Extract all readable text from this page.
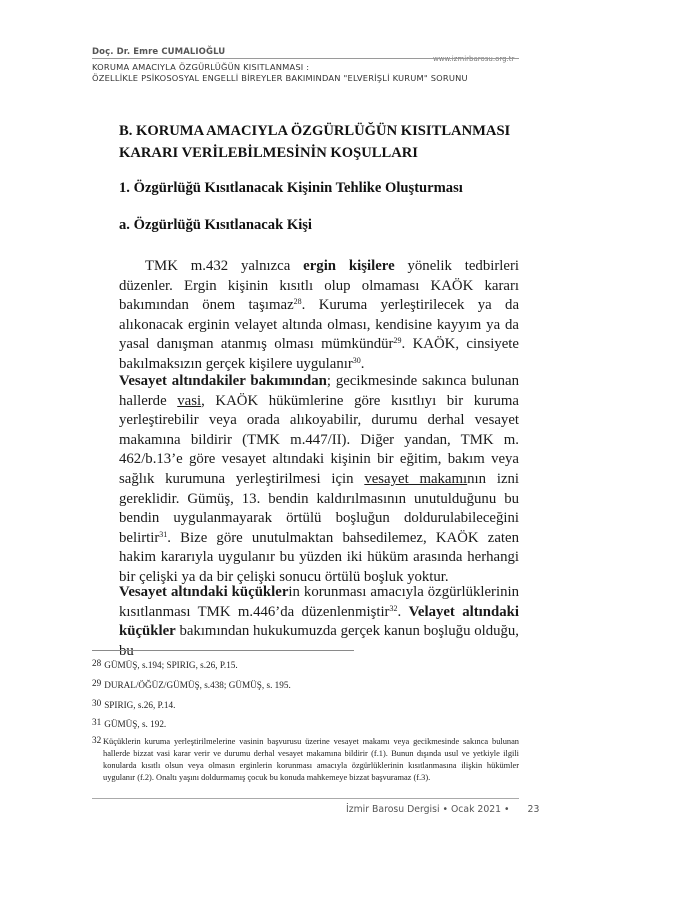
Doç. Dr. Emre CUMALIOĞLU
www.izmirbarosu.org.tr
KORUMA AMACIYLA ÖZGÜRLÜĞÜN KISITLANMASI :
ÖZELLİKLE PSİKOSOSYAL ENGELLİ BİREYLER BAKIMINDAN "ELVERİŞLİ KURUM" SORUNU
B. KORUMA AMACIYLA ÖZGÜRLÜĞÜN KISITLANMASI
KARARI VERİLEBİLMESİNİN KOŞULLARI
1. Özgürlüğü Kısıtlanacak Kişinin Tehlike Oluşturması
a. Özgürlüğü Kısıtlanacak Kişi
TMK m.432 yalnızca ergin kişilere yönelik tedbirleri düzenler. Ergin kişinin kısıtlı olup olmaması KAÖK kararı bakımından önem taşımaz$^{28}$. Kuruma yerleştirilecek ya da alıkonacak erginin velayet altında olması, kendisine kayyım ya da yasal danışman atanmış olması mümkündür$^{29}$. KAÖK, cinsiyete bakılmaksızın gerçek kişilere uygulanır$^{30}$.
Vesayet altındakiler bakımından; gecikmesinde sakınca bulunan hallerde vasi, KAÖK hükümlerine göre kısıtlıyı bir kuruma yerleştirebilir veya orada alıkoyabilir, durumu derhal vesayet makamına bildirir (TMK m.447/II). Diğer yandan, TMK m. 462/b.13’e göre vesayet altındaki kişinin bir eğitim, bakım veya sağlık kurumuna yerleştirilmesi için vesayet makamının izni gereklidir. Gümüş, 13. bendin kaldırılmasının unutulduğunu bu bendin uygulanmayarak örtülü boşluğun doldurulabileceğini belirtir$^{31}$. Bize göre unutulmaktan bahsedilemez, KAÖK zaten hakim kararıyla uygulanır bu yüzden iki hüküm arasında herhangi bir çelişki ya da bir çelişki sonucu örtülü boşluk yoktur.
Vesayet altındaki küçüklerin korunması amacıyla özgürlüklerinin kısıtlanması TMK m.446’da düzenlenmiştir$^{32}$. Velayet altındaki küçükler bakımından hukukumuzda gerçek kanun boşluğu olduğu, bu
28 GÜMÜŞ, s.194; SPIRIG, s.26, P.15.
29 DURAL/ÖĞÜZ/GÜMÜŞ, s.438; GÜMÜŞ, s. 195.
30 SPIRIG, s.26, P.14.
31 GÜMÜŞ, s. 192.
32 Küçüklerin kuruma yerleştirilmelerine vasinin başvurusu üzerine vesayet makamı veya gecikmesinde sakınca bulunan hallerde bizzat vasi karar verir ve durumu derhal vesayet makamına bildirir (f.1). Bunun dışında usul ve yetkiyle ilgili konularda kısıtlı olsun veya olmasın erginlerin korunması amacıyla özgürlüklerinin kısıtlanmasına ilişkin hükümler uygulanır (f.2). Onaltı yaşını doldurmamış çocuk bu konuda mahkemeye bizzat başvuramaz (f.3).
İzmir Barosu Dergisi • Ocak 2021 • 23
